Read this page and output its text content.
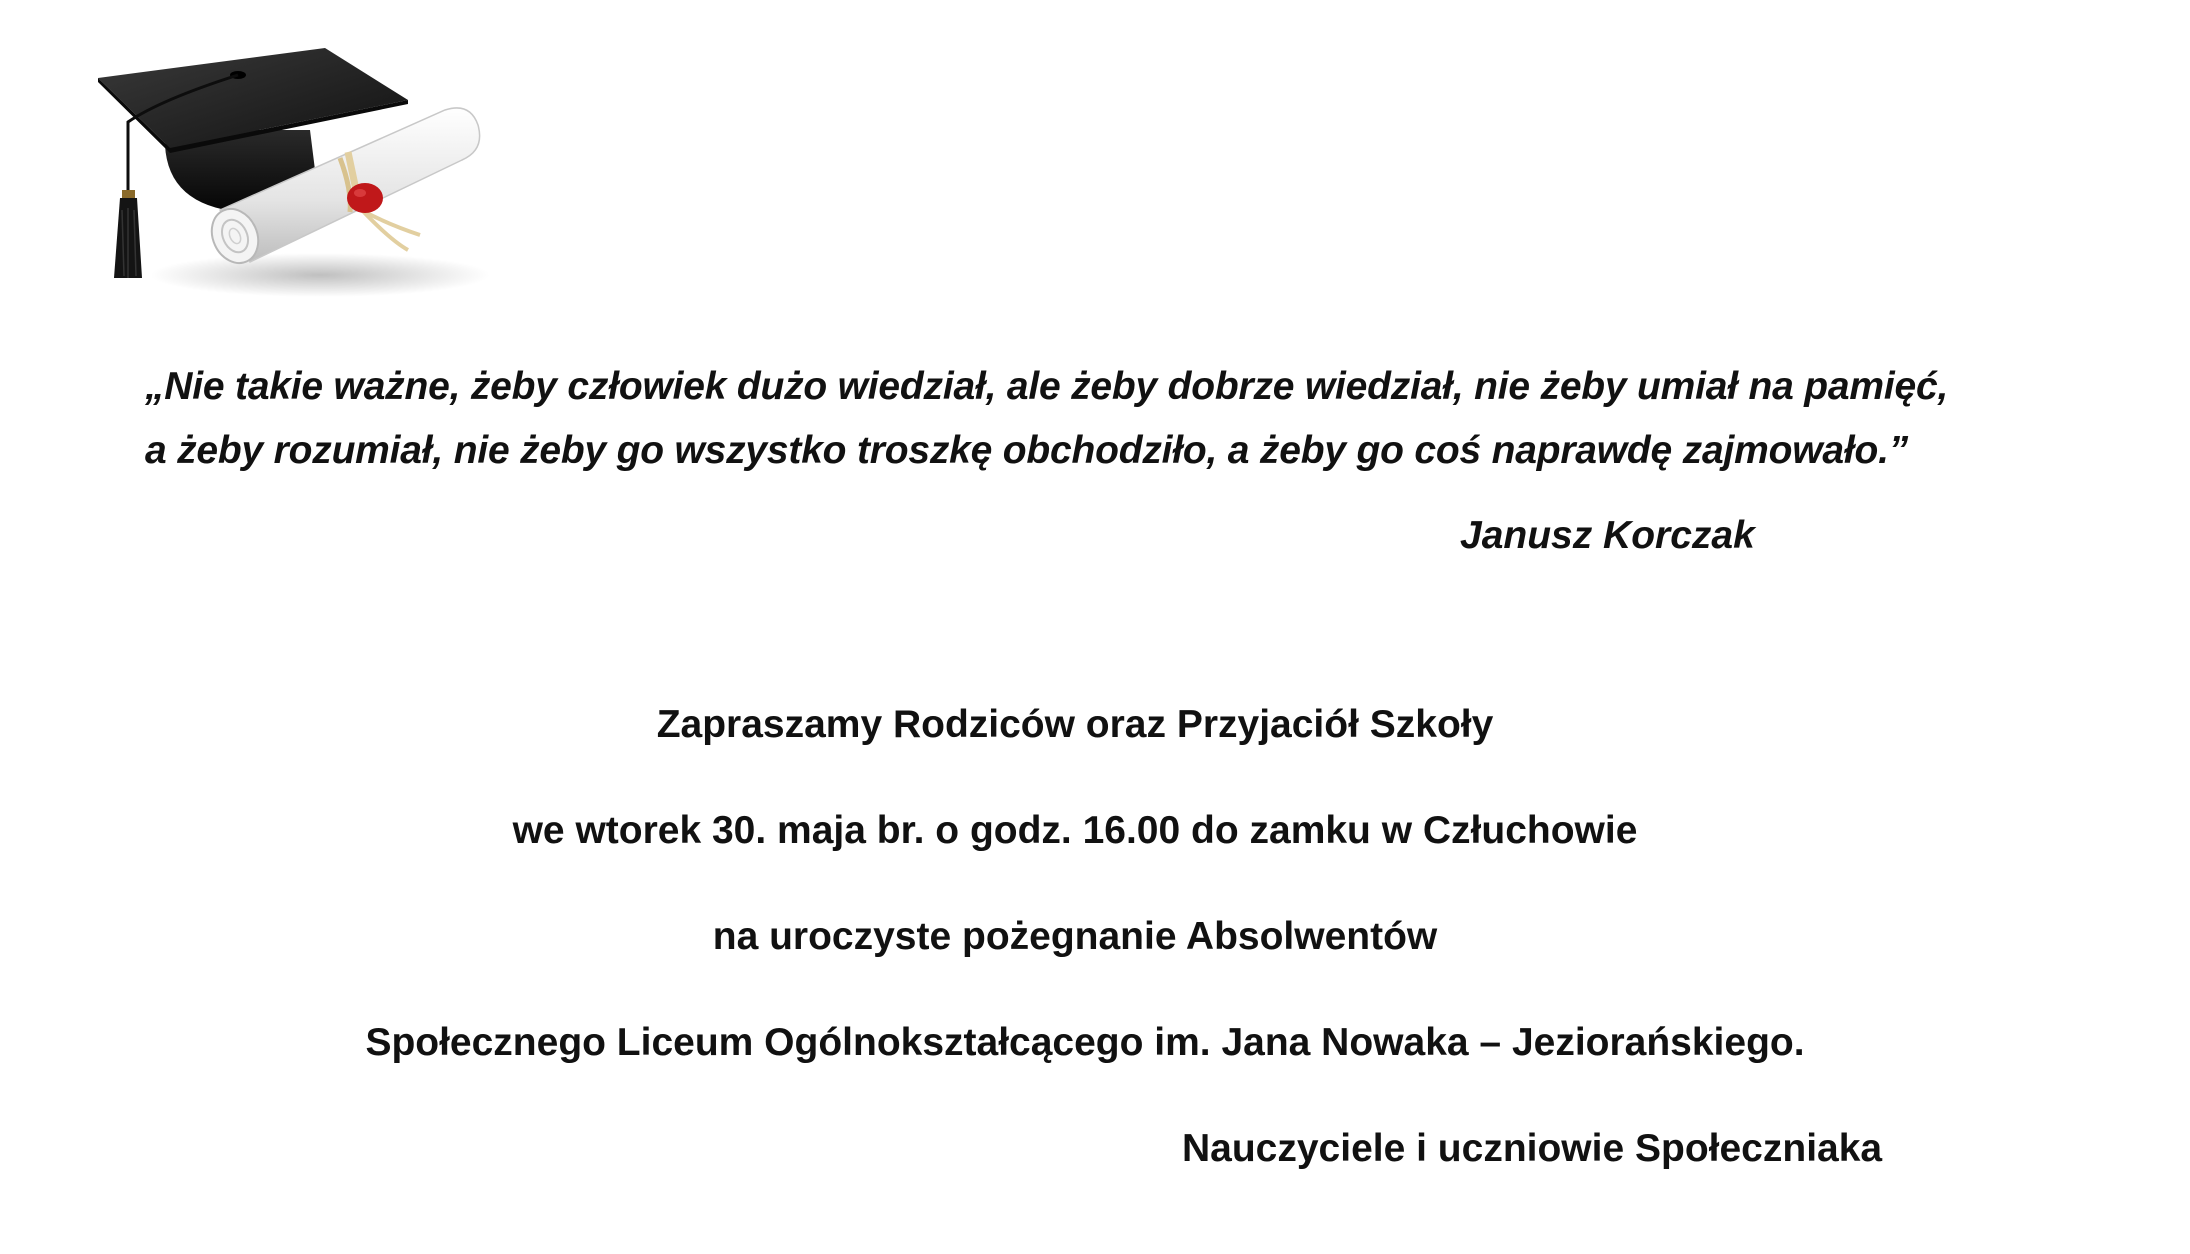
„Nie takie ważne, żeby człowiek dużo wiedział, ale żeby dobrze wiedział, nie żeby umiał na pamięć,
a żeby rozumiał, nie żeby go wszystko troszkę obchodziło, a żeby go coś naprawdę zajmowało.”
Janusz Korczak
Zapraszamy Rodziców oraz Przyjaciół Szkoły
we wtorek 30. maja br. o godz. 16.00 do zamku w Człuchowie
na uroczyste pożegnanie Absolwentów
Społecznego Liceum Ogólnokształcącego im. Jana Nowaka – Jeziorańskiego.
Nauczyciele i uczniowie Społeczniaka
